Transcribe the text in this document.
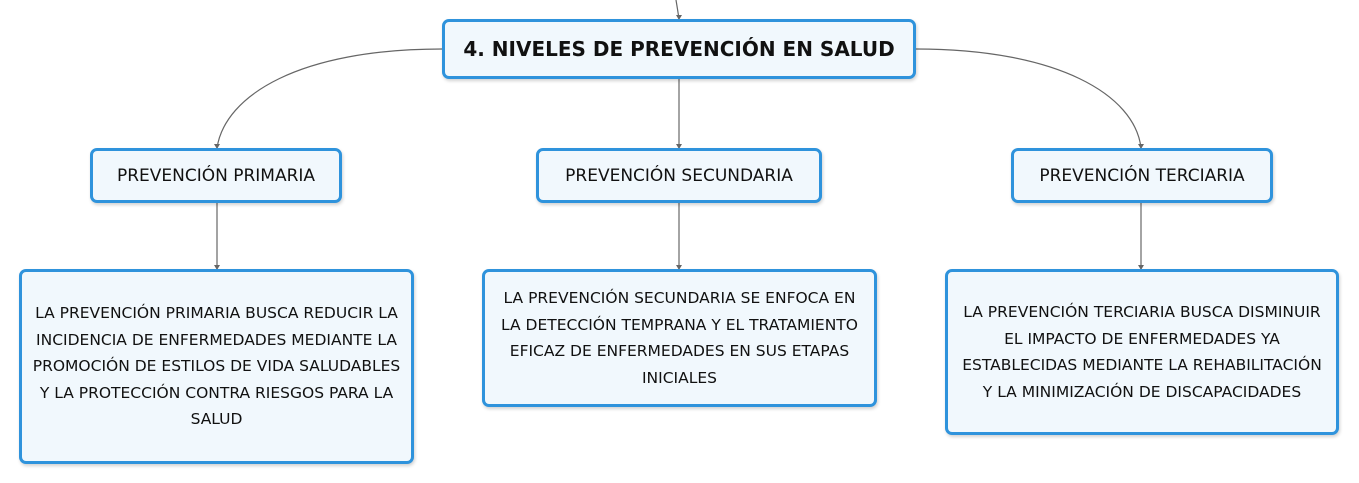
4. NIVELES DE PREVENCIÓN EN SALUD
PREVENCIÓN PRIMARIA	PREVENCIÓN SECUNDARIA	PREVENCIÓN TERCIARIA
LA PREVENCIÓN PRIMARIA BUSCA REDUCIR LA INCIDENCIA DE ENFERMEDADES MEDIANTE LA PROMOCIÓN DE ESTILOS DE VIDA SALUDABLES Y LA PROTECCIÓN CONTRA RIESGOS PARA LA SALUD
LA PREVENCIÓN SECUNDARIA SE ENFOCA EN LA DETECCIÓN TEMPRANA Y EL TRATAMIENTO EFICAZ DE ENFERMEDADES EN SUS ETAPAS INICIALES
LA PREVENCIÓN TERCIARIA BUSCA DISMINUIR EL IMPACTO DE ENFERMEDADES YA ESTABLECIDAS MEDIANTE LA REHABILITACIÓN Y LA MINIMIZACIÓN DE DISCAPACIDADES
